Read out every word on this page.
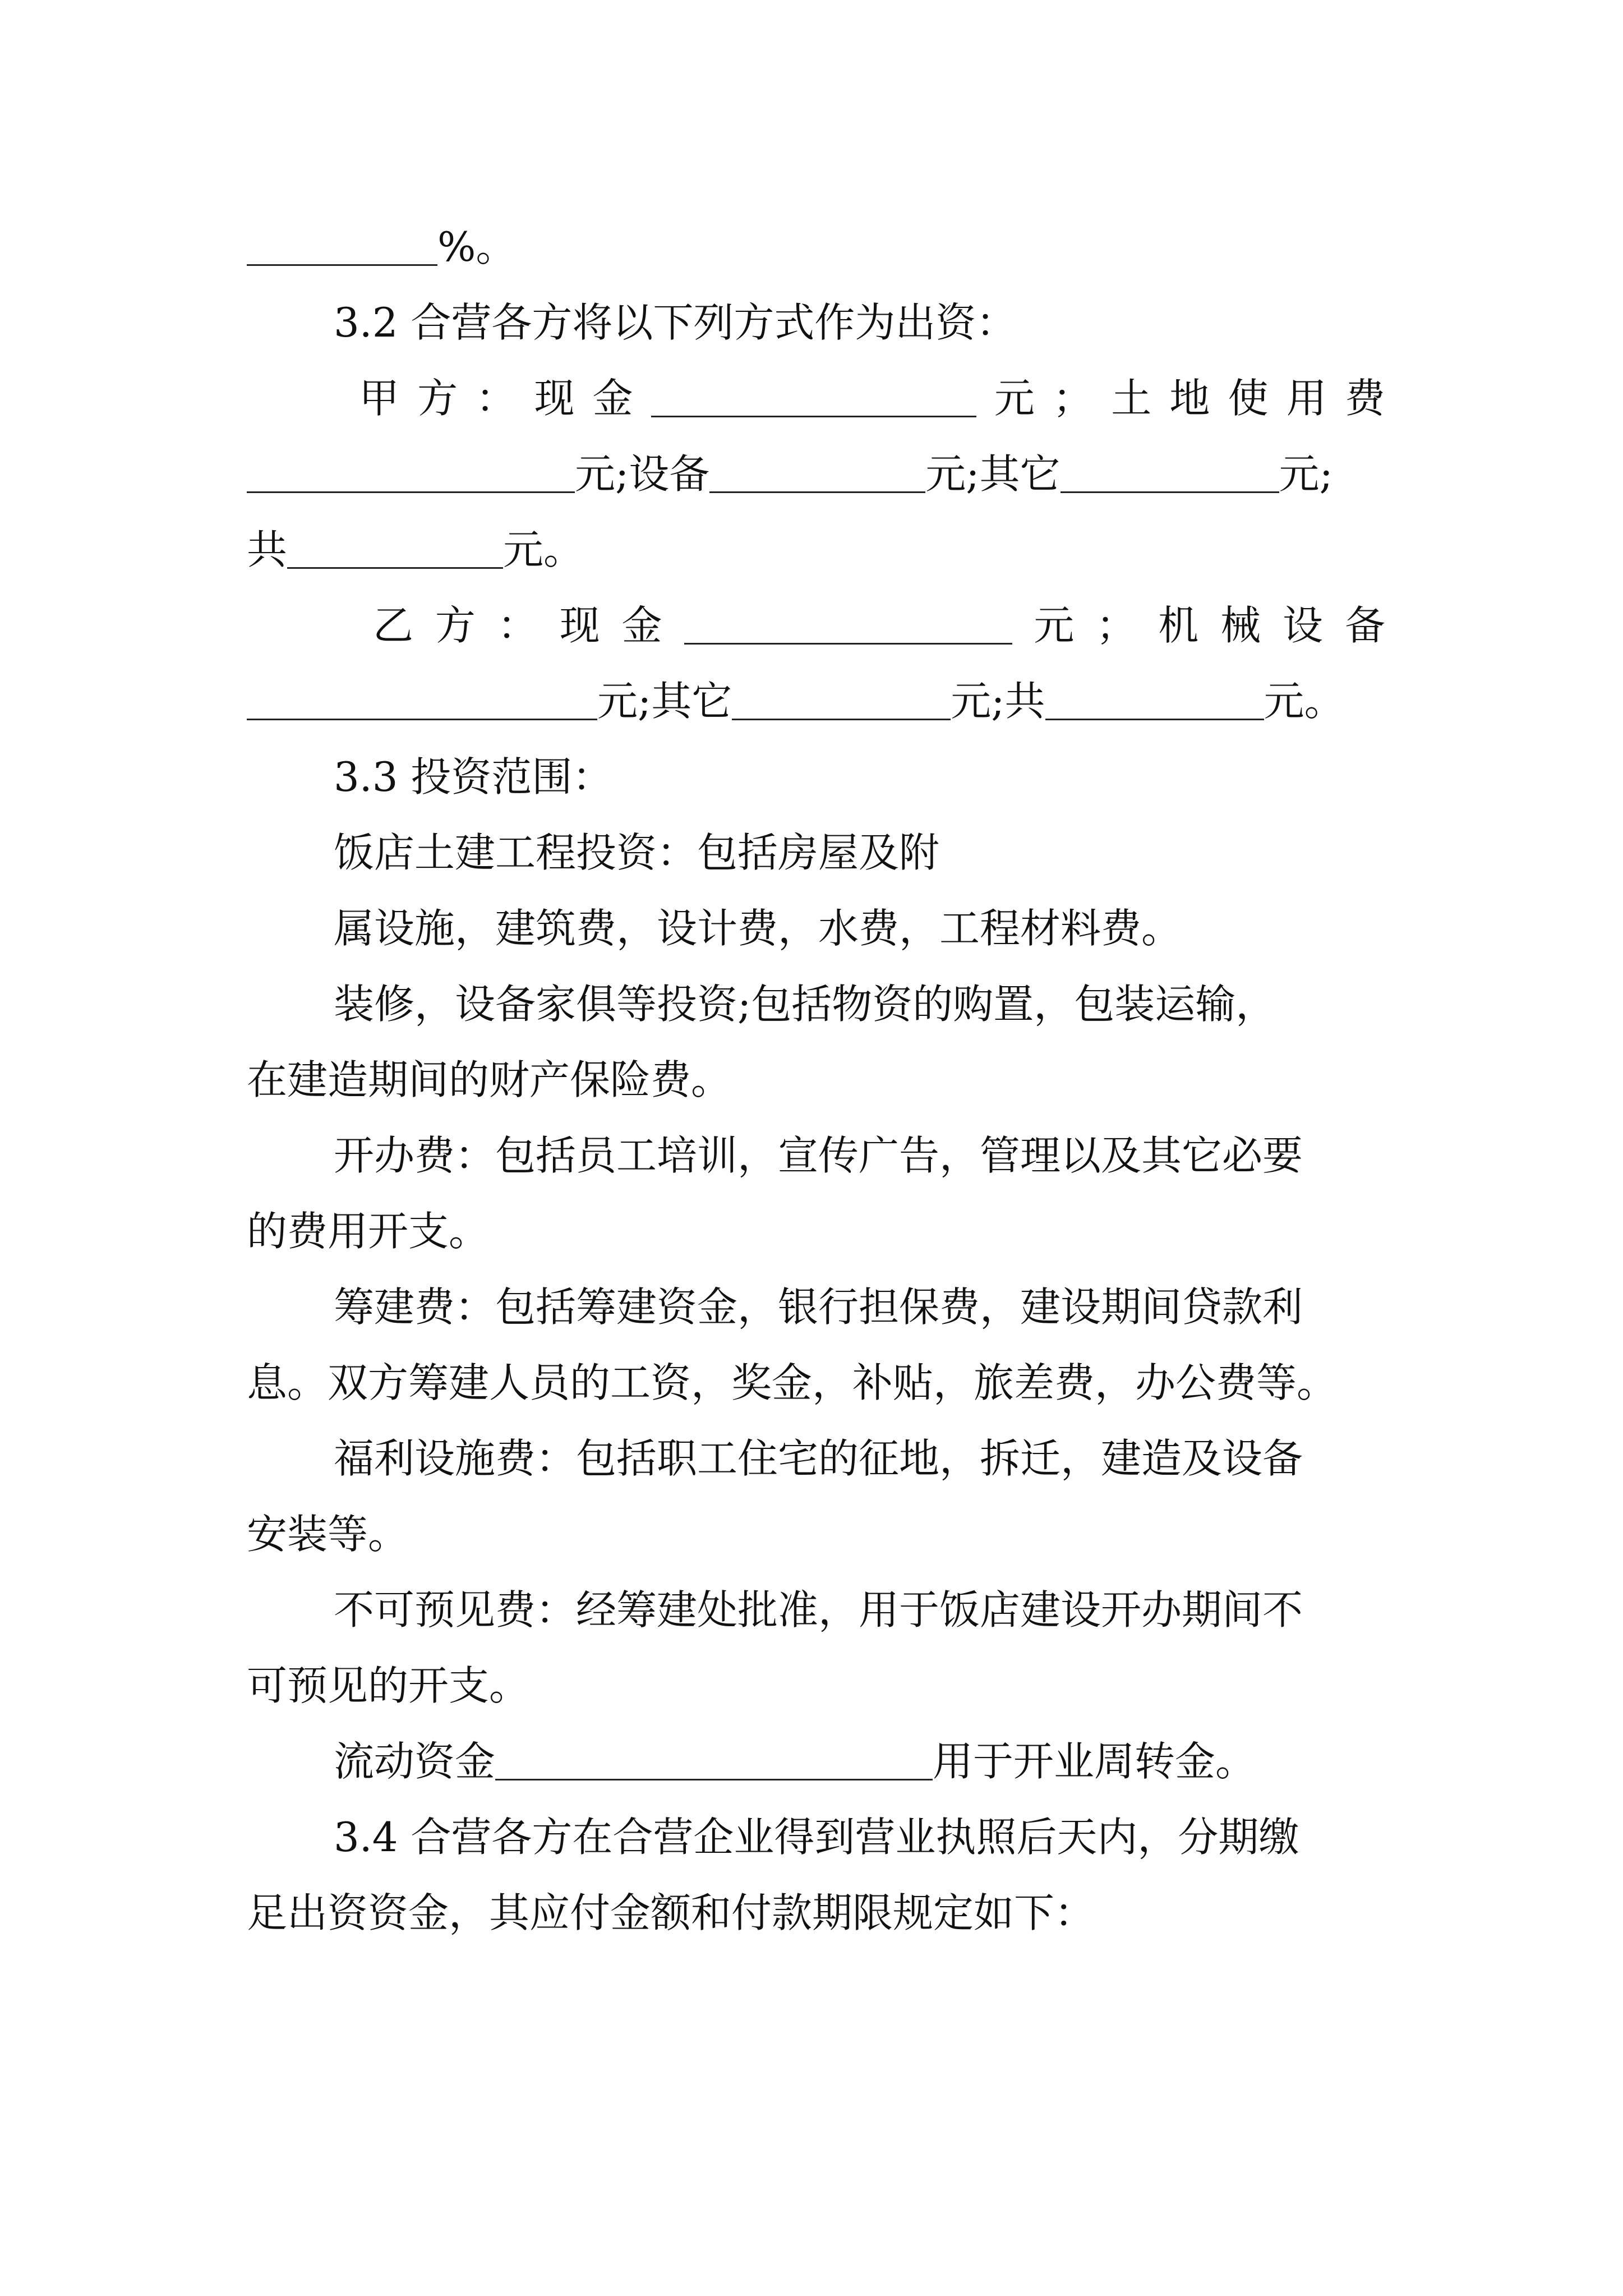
%。
3.2 合营各方将以下列方式作为出资：
甲 方 ： 现 金	元 ； 土 地 使 用 费
元;设备	元;其它	元;
共	元。
乙 方 ： 现 金	元 ； 机 械 设 备
元;其它	元;共	元。
3.3 投资范围：
饭店土建工程投资：包括房屋及附
属设施，建筑费，设计费，水费，工程材料费。
装修，设备家俱等投资;包括物资的购置，包装运输，
在建造期间的财产保险费。
开办费：包括员工培训，宣传广告，管理以及其它必要
的费用开支。
筹建费：包括筹建资金，银行担保费，建设期间贷款利
息。双方筹建人员的工资，奖金，补贴，旅差费，办公费等。
福利设施费：包括职工住宅的征地，拆迁，建造及设备
安装等。
不可预见费：经筹建处批准，用于饭店建设开办期间不
可预见的开支。
流动资金	用于开业周转金。
3.4 合营各方在合营企业得到营业执照后天内，分期缴
足出资资金，其应付金额和付款期限规定如下：
